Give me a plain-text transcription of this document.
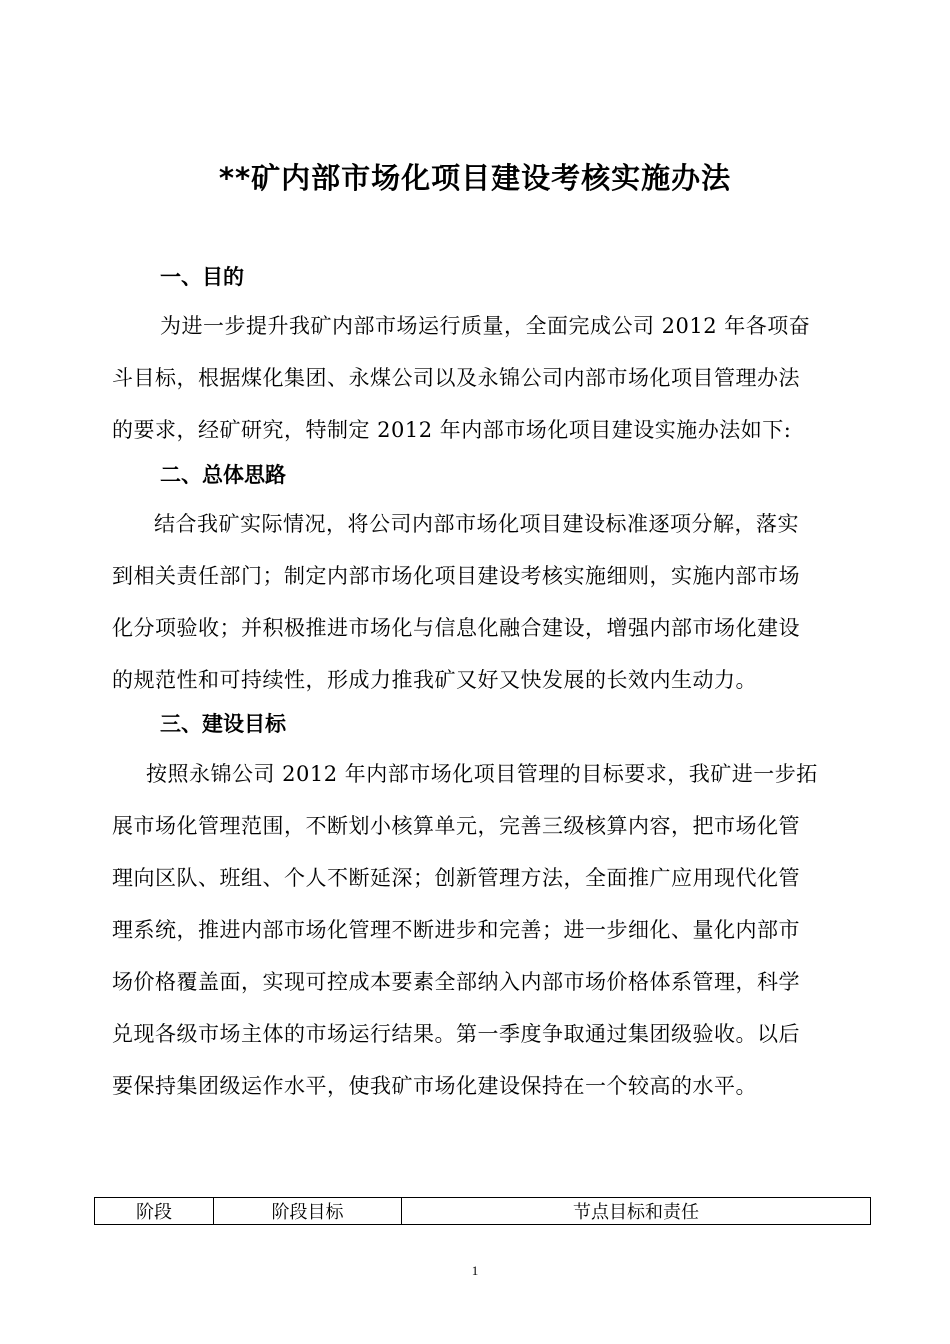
**矿内部市场化项目建设考核实施办法
一、目的
为进一步提升我矿内部市场运行质量，全面完成公司 2012 年各项奋
斗目标，根据煤化集团、永煤公司以及永锦公司内部市场化项目管理办法
的要求，经矿研究，特制定 2012 年内部市场化项目建设实施办法如下:
二、总体思路
结合我矿实际情况，将公司内部市场化项目建设标准逐项分解，落实
到相关责任部门；制定内部市场化项目建设考核实施细则，实施内部市场
化分项验收；并积极推进市场化与信息化融合建设，增强内部市场化建设
的规范性和可持续性，形成力推我矿又好又快发展的长效内生动力。
三、建设目标
按照永锦公司 2012 年内部市场化项目管理的目标要求，我矿进一步拓
展市场化管理范围，不断划小核算单元，完善三级核算内容，把市场化管
理向区队、班组、个人不断延深；创新管理方法，全面推广应用现代化管
理系统，推进内部市场化管理不断进步和完善；进一步细化、量化内部市
场价格覆盖面，实现可控成本要素全部纳入内部市场价格体系管理，科学
兑现各级市场主体的市场运行结果。第一季度争取通过集团级验收。以后
要保持集团级运作水平，使我矿市场化建设保持在一个较高的水平。
阶段	阶段目标	节点目标和责任
1
